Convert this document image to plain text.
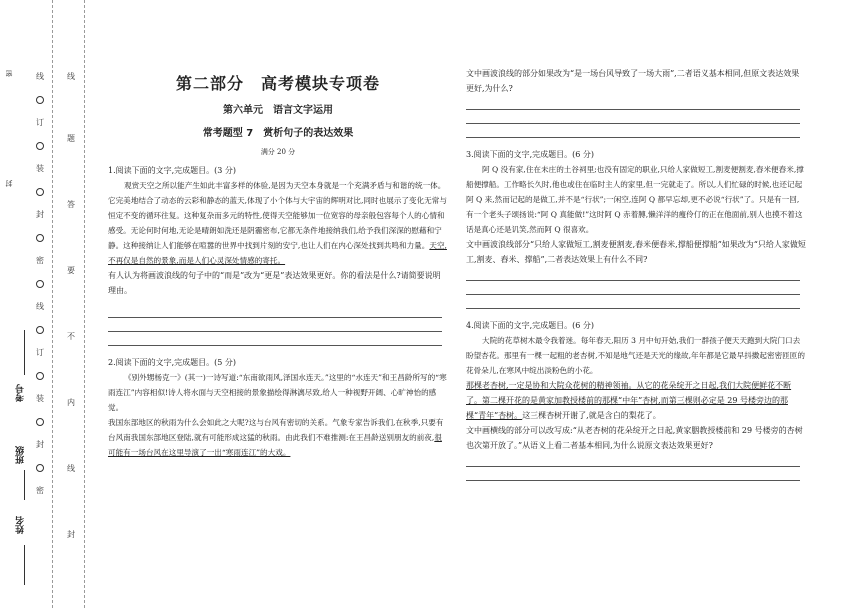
密
封
考号
班级
姓名
线
订
装
封
密
线
订
装
封
密
线
题
答
要
不
内
线
封
第二部分　高考模块专项卷
第六单元　语言文字运用
常考题型 7　赏析句子的表达效果
满分 20 分

1.阅读下面的文字,完成题目。(3 分)

观赏天空之所以能产生如此丰富多样的体验,是因为天空本身就是一个充满矛盾与和谐的统一体。它完美地结合了动态的云彩和静态的蓝天,体现了小个体与大宇宙的辉明对比,同时也展示了变化无常与恒定不变的循环往复。这种复杂而多元的特性,使得天空能够加一位宽容的母亲般包容每个人的心情和感受。无论何时何地,无论是晴朗如洗还是阴霾密布,它都无条件地接纳我们,给予我们深深的慰藉和宁静。这种接纳让人们能够在喧嚣的世界中找到片刻的安宁,也让人们在内心深处找到共鸣和力量。天空,不再仅是自然的景象,而是人们心灵深处情感的寄托。

有人认为将画波浪线的句子中的“而是”改为“更是”表达效果更好。你的看法是什么?请简要说明理由。

2.阅读下面的文字,完成题目。(5 分)

《别外甥杨克一》(其一)一诗写道:“东南欲雨风,泽国水连天。”这里的“水连天”和王昌龄所写的“寒雨连江”内容相似!诗人将水面与天空相接的景象描绘得淋漓尽致,给人一种视野开阔、心旷神怡的感觉。

我国东部地区的秋雨为什么会如此之大呢?这与台风有密切的关系。气象专家告诉我们,在秋季,只要有台风南我国东部地区登陆,就有可能形成这猛的秋雨。由此我们不难推测:在王昌龄送别朋友的前夜,很可能有一场台风在这里导演了一出“寒雨连江”的大戏。

文中画波浪线的部分如果改为“是一场台风导致了一场大雨”,二者语义基本相同,但原文表达效果更好,为什么?

3.阅读下面的文字,完成题目。(6 分)

阿 Q 没有家,住在未庄的土谷祠里;也没有固定的职业,只给人家做短工,割麦便割麦,舂米便舂米,撑船便撑船。工作略长久时,他也或住在临时主人的家里,但一完就走了。所以,人们忙碌的时候,也还记起阿 Q 来,然而记起的是做工,并不是“行状”;一闲空,连阿 Q 都早忘却,更不必说“行状”了。只是有一回,有一个老头子颂扬说:“阿 Q 真能做!”这时阿 Q 赤着膊,懒洋洋的瘦伶仃的正在他面前,别人也摸不着这话是真心还是讥笑,然而阿 Q 很喜欢。

文中画波浪线部分“只给人家做短工,割麦便割麦,舂米便舂米,撑船便撑船”如果改为“只给人家做短工,割麦、舂米、撑船”,二者表达效果上有什么不同?

4.阅读下面的文字,完成题目。(6 分)

大院的花草树木最令我着迷。每年春天,阳历 3 月中旬开始,我们一群孩子便天天跑到大院门口去盼望杏花。那里有一棵一起粗的老杏树,不知是地气还是天光的缘故,年年都是它最早抖擞起密密匝匝的花骨朵儿,在寒风中绽出淡粉色的小花。

那棵老杏树,一定是协和大院众花树的精神领袖。从它的花朵绽开之日起,我们大院便鲜花不断了。第二棵开花的是黄家加教授楼前的那棵“中年”杏树,而第三棵则必定是 29 号楼旁边的那棵“青年”杏树。这三棵杏树开谢了,就是含白的梨花了。

文中画横线的部分可以改写成:“从老杏树的花朵绽开之日起,黄家胭教授楼前和 29 号楼旁的杏树也次第开放了。”从语义上看二者基本相同,为什么说原文表达效果更好?
